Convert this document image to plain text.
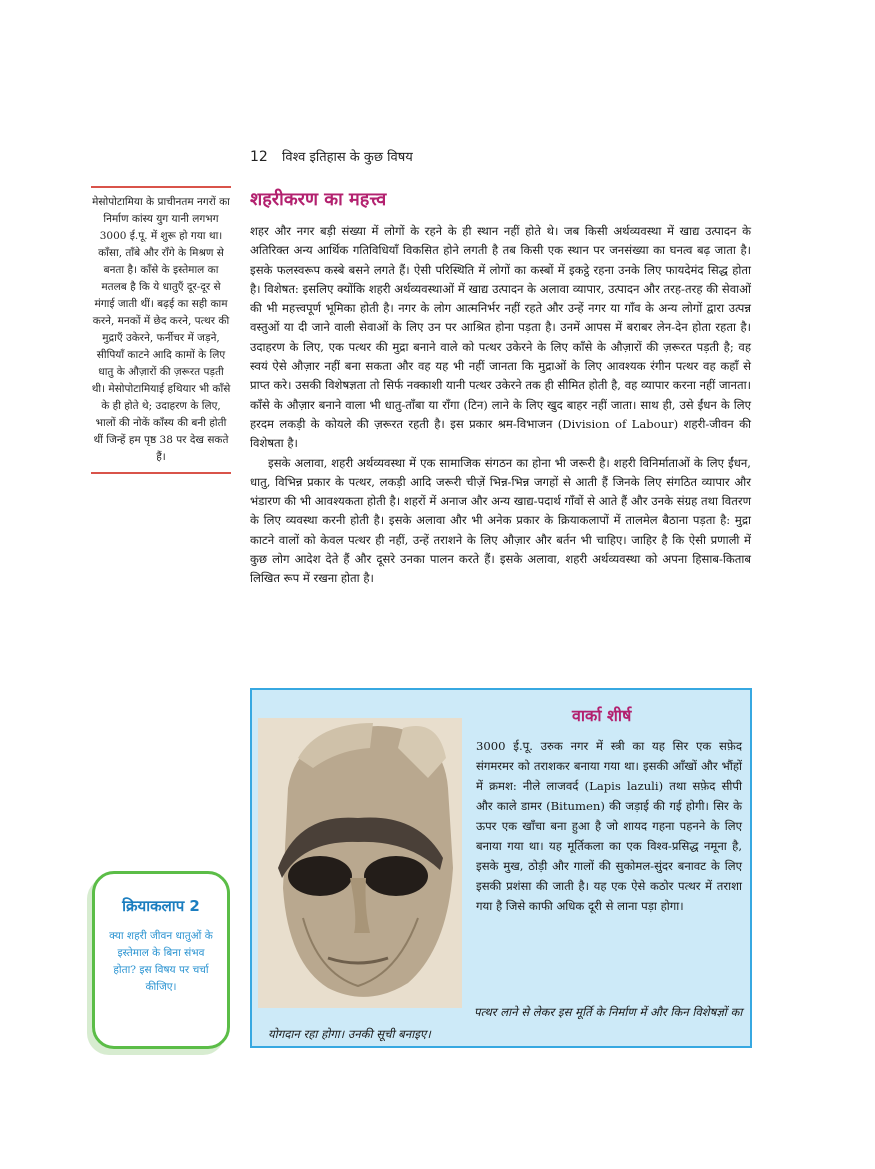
12 विश्व इतिहास के कुछ विषय
मेसोपोटामिया के प्राचीनतम नगरों का निर्माण कांस्य युग यानी लगभग 3000 ई.पू. में शुरू हो गया था। काँसा, ताँबे और राँगे के मिश्रण से बनता है। काँसे के इस्तेमाल का मतलब है कि ये धातुएँ दूर-दूर से मंगाई जाती थीं। बढ़ई का सही काम करने, मनकों में छेद करने, पत्थर की मुद्राएँ उकेरने, फर्नीचर में जड़ने, सीपियाँ काटने आदि कामों के लिए धातु के औज़ारों की ज़रूरत पड़ती थी। मेसोपोटामियाई हथियार भी काँसे के ही होते थे; उदाहरण के लिए, भालों की नोकें काँस्य की बनी होती थीं जिन्हें हम पृष्ठ 38 पर देख सकते हैं।
शहरीकरण का महत्त्व

शहर और नगर बड़ी संख्या में लोगों के रहने के ही स्थान नहीं होते थे। जब किसी अर्थव्यवस्था में खाद्य उत्पादन के अतिरिक्त अन्य आर्थिक गतिविधियाँ विकसित होने लगती है तब किसी एक स्थान पर जनसंख्या का घनत्व बढ़ जाता है। इसके फलस्वरूप कस्बे बसने लगते हैं। ऐसी परिस्थिति में लोगों का कस्बों में इकट्ठे रहना उनके लिए फायदेमंद सिद्ध होता है। विशेषत: इसलिए क्योंकि शहरी अर्थव्यवस्थाओं में खाद्य उत्पादन के अलावा व्यापार, उत्पादन और तरह-तरह की सेवाओं की भी महत्त्वपूर्ण भूमिका होती है। नगर के लोग आत्मनिर्भर नहीं रहते और उन्हें नगर या गाँव के अन्य लोगों द्वारा उत्पन्न वस्तुओं या दी जाने वाली सेवाओं के लिए उन पर आश्रित होना पड़ता है। उनमें आपस में बराबर लेन-देन होता रहता है। उदाहरण के लिए, एक पत्थर की मुद्रा बनाने वाले को पत्थर उकेरने के लिए काँसे के औज़ारों की ज़रूरत पड़ती है; वह स्वयं ऐसे औज़ार नहीं बना सकता और वह यह भी नहीं जानता कि मुद्राओं के लिए आवश्यक रंगीन पत्थर वह कहाँ से प्राप्त करे। उसकी विशेषज्ञता तो सिर्फ नक्काशी यानी पत्थर उकेरने तक ही सीमित होती है, वह व्यापार करना नहीं जानता। काँसे के औज़ार बनाने वाला भी धातु-ताँबा या राँगा (टिन) लाने के लिए खुद बाहर नहीं जाता। साथ ही, उसे ईंधन के लिए हरदम लकड़ी के कोयले की ज़रूरत रहती है। इस प्रकार श्रम-विभाजन (Division of Labour) शहरी-जीवन की विशेषता है।

इसके अलावा, शहरी अर्थव्यवस्था में एक सामाजिक संगठन का होना भी जरूरी है। शहरी विनिर्माताओं के लिए ईंधन, धातु, विभिन्न प्रकार के पत्थर, लकड़ी आदि जरूरी चीज़ें भिन्न-भिन्न जगहों से आती हैं जिनके लिए संगठित व्यापार और भंडारण की भी आवश्यकता होती है। शहरों में अनाज और अन्य खाद्य-पदार्थ गाँवों से आते हैं और उनके संग्रह तथा वितरण के लिए व्यवस्था करनी होती है। इसके अलावा और भी अनेक प्रकार के क्रियाकलापों में तालमेल बैठाना पड़ता है: मुद्रा काटने वालों को केवल पत्थर ही नहीं, उन्हें तराशने के लिए औज़ार और बर्तन भी चाहिए। जाहिर है कि ऐसी प्रणाली में कुछ लोग आदेश देते हैं और दूसरे उनका पालन करते हैं। इसके अलावा, शहरी अर्थव्यवस्था को अपना हिसाब-किताब लिखित रूप में रखना होता है।

क्रियाकलाप 2
क्या शहरी जीवन धातुओं के इस्तेमाल के बिना संभव होता? इस विषय पर चर्चा कीजिए।
वार्का शीर्ष

3000 ई.पू. उरुक नगर में स्त्री का यह सिर एक सफ़ेद संगमरमर को तराशकर बनाया गया था। इसकी आँखों और भौंहों में क्रमश: नीले लाजवर्द (Lapis lazuli) तथा सफ़ेद सीपी और काले डामर (Bitumen) की जड़ाई की गई होगी। सिर के ऊपर एक खाँचा बना हुआ है जो शायद गहना पहनने के लिए बनाया गया था। यह मूर्तिकला का एक विश्व-प्रसिद्ध नमूना है, इसके मुख, ठोड़ी और गालों की सुकोमल-सुंदर बनावट के लिए इसकी प्रशंसा की जाती है। यह एक ऐसे कठोर पत्थर में तराशा गया है जिसे काफी अधिक दूरी से लाना पड़ा होगा।

पत्थर लाने से लेकर इस मूर्ति के निर्माण में और किन विशेषज्ञों का योगदान रहा होगा। उनकी सूची बनाइए।
